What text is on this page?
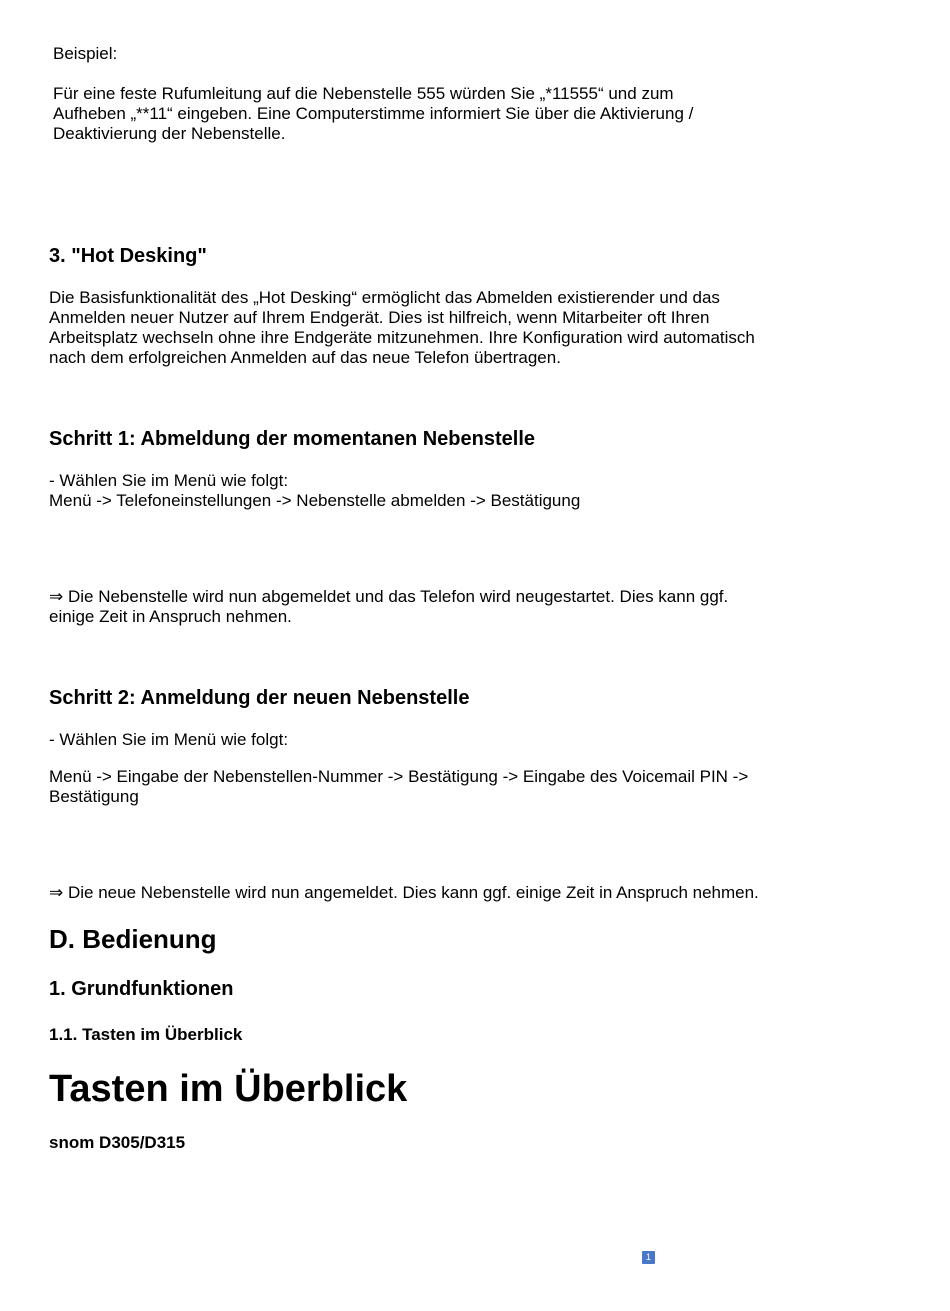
Beispiel:
Für eine feste Rufumleitung auf die Nebenstelle 555 würden Sie „*11555“ und zum
Aufheben „**11“ eingeben. Eine Computerstimme informiert Sie über die Aktivierung /
Deaktivierung der Nebenstelle.
3. "Hot Desking"
Die Basisfunktionalität des „Hot Desking“ ermöglicht das Abmelden existierender und das
Anmelden neuer Nutzer auf Ihrem Endgerät. Dies ist hilfreich, wenn Mitarbeiter oft Ihren
Arbeitsplatz wechseln ohne ihre Endgeräte mitzunehmen. Ihre Konfiguration wird automatisch
nach dem erfolgreichen Anmelden auf das neue Telefon übertragen.
Schritt 1: Abmeldung der momentanen Nebenstelle
- Wählen Sie im Menü wie folgt:
Menü -> Telefoneinstellungen -> Nebenstelle abmelden -> Bestätigung
⇒ Die Nebenstelle wird nun abgemeldet und das Telefon wird neugestartet. Dies kann ggf.
einige Zeit in Anspruch nehmen.
Schritt 2: Anmeldung der neuen Nebenstelle
- Wählen Sie im Menü wie folgt:
Menü -> Eingabe der Nebenstellen-Nummer -> Bestätigung -> Eingabe des Voicemail PIN ->
Bestätigung
⇒ Die neue Nebenstelle wird nun angemeldet. Dies kann ggf. einige Zeit in Anspruch nehmen.
D. Bedienung
1. Grundfunktionen
1.1. Tasten im Überblick
Tasten im Überblick
snom D305/D315
1
